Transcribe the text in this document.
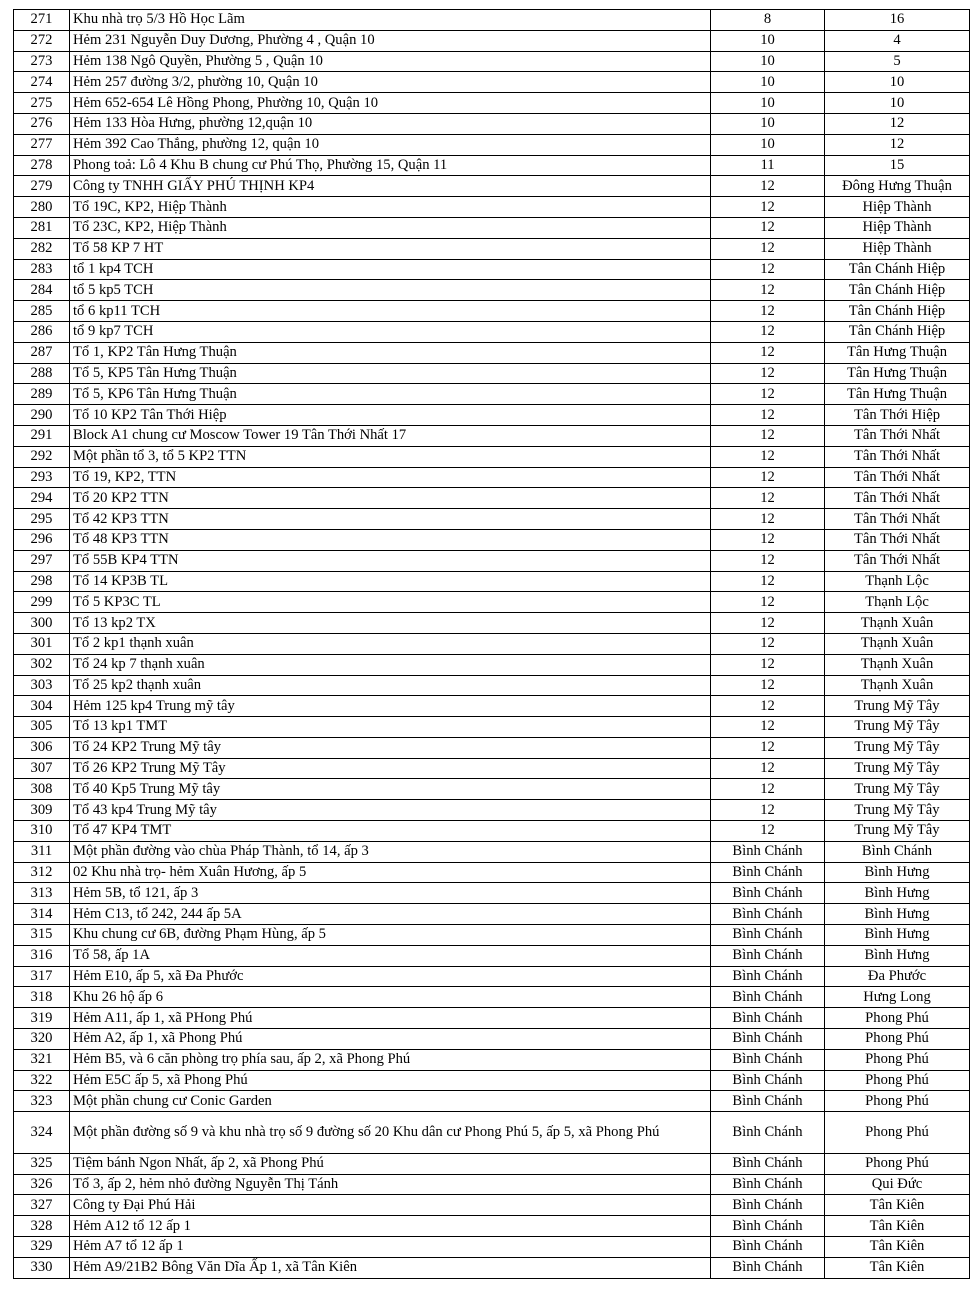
271	Khu nhà trọ 5/3 Hồ Học Lãm	8	16
272	Hẻm 231 Nguyễn Duy Dương, Phường 4 , Quận 10	10	4
273	Hẻm 138 Ngô Quyền, Phường 5 , Quận 10	10	5
274	Hẻm 257 đường 3/2, phường 10, Quận 10	10	10
275	Hẻm 652-654 Lê Hồng Phong, Phường 10, Quận 10	10	10
276	Hẻm 133 Hòa Hưng, phường 12,quận 10	10	12
277	Hẻm 392 Cao Thắng, phường 12, quận 10	10	12
278	Phong toả: Lô 4 Khu B chung cư Phú Thọ, Phường 15, Quận 11	11	15
279	Công ty TNHH GIẤY PHÚ THỊNH KP4	12	Đông Hưng Thuận
280	Tổ 19C, KP2, Hiệp Thành	12	Hiệp Thành
281	Tổ 23C, KP2, Hiệp Thành	12	Hiệp Thành
282	Tổ 58 KP 7 HT	12	Hiệp Thành
283	tổ 1 kp4 TCH	12	Tân Chánh Hiệp
284	tổ 5 kp5 TCH	12	Tân Chánh Hiệp
285	tổ 6 kp11 TCH	12	Tân Chánh Hiệp
286	tổ 9 kp7 TCH	12	Tân Chánh Hiệp
287	Tổ 1, KP2 Tân Hưng Thuận	12	Tân Hưng Thuận
288	Tổ 5, KP5 Tân Hưng Thuận	12	Tân Hưng Thuận
289	Tổ 5, KP6 Tân Hưng Thuận	12	Tân Hưng Thuận
290	Tổ 10 KP2 Tân Thới Hiệp	12	Tân Thới Hiệp
291	Block A1 chung cư Moscow Tower 19 Tân Thới Nhất 17	12	Tân Thới Nhất
292	Một phần tổ 3, tổ 5 KP2 TTN	12	Tân Thới Nhất
293	Tổ 19, KP2, TTN	12	Tân Thới Nhất
294	Tổ 20 KP2 TTN	12	Tân Thới Nhất
295	Tổ 42 KP3 TTN	12	Tân Thới Nhất
296	Tổ 48 KP3 TTN	12	Tân Thới Nhất
297	Tổ 55B KP4 TTN	12	Tân Thới Nhất
298	Tổ 14 KP3B TL	12	Thạnh Lộc
299	Tổ 5 KP3C TL	12	Thạnh Lộc
300	Tổ 13 kp2 TX	12	Thạnh Xuân
301	Tổ 2 kp1 thạnh xuân	12	Thạnh Xuân
302	Tổ 24 kp 7 thạnh xuân	12	Thạnh Xuân
303	Tổ 25 kp2 thạnh xuân	12	Thạnh Xuân
304	Hẻm 125 kp4 Trung mỹ tây	12	Trung Mỹ Tây
305	Tổ 13 kp1 TMT	12	Trung Mỹ Tây
306	Tổ 24 KP2 Trung Mỹ tây	12	Trung Mỹ Tây
307	Tổ 26 KP2 Trung Mỹ Tây	12	Trung Mỹ Tây
308	Tổ 40 Kp5 Trung Mỹ tây	12	Trung Mỹ Tây
309	Tổ 43 kp4 Trung Mỹ tây	12	Trung Mỹ Tây
310	Tổ 47 KP4 TMT	12	Trung Mỹ Tây
311	Một phần đường vào chùa Pháp Thành, tổ 14, ấp 3	Bình Chánh	Bình Chánh
312	02 Khu nhà trọ- hẻm Xuân Hương, ấp 5	Bình Chánh	Bình Hưng
313	Hẻm 5B, tổ 121, ấp 3	Bình Chánh	Bình Hưng
314	Hẻm C13, tổ 242, 244 ấp 5A	Bình Chánh	Bình Hưng
315	Khu chung cư 6B, đường Phạm Hùng, ấp 5	Bình Chánh	Bình Hưng
316	Tổ 58, ấp 1A	Bình Chánh	Bình Hưng
317	Hẻm E10, ấp 5, xã Đa Phước	Bình Chánh	Đa Phước
318	Khu 26 hộ ấp 6	Bình Chánh	Hưng Long
319	Hẻm A11, ấp 1, xã PHong Phú	Bình Chánh	Phong Phú
320	Hẻm A2, ấp 1, xã Phong Phú	Bình Chánh	Phong Phú
321	Hẻm B5, và 6 căn phòng trọ phía sau, ấp 2, xã Phong Phú	Bình Chánh	Phong Phú
322	Hẻm E5C ấp 5, xã Phong Phú	Bình Chánh	Phong Phú
323	Một phần chung cư Conic Garden	Bình Chánh	Phong Phú
324	Một phần đường số 9 và khu nhà trọ số 9 đường số 20 Khu dân cư Phong Phú 5, ấp 5, xã Phong Phú	Bình Chánh	Phong Phú
325	Tiệm bánh Ngon Nhất, ấp 2, xã Phong Phú	Bình Chánh	Phong Phú
326	Tổ 3, ấp 2, hẻm nhỏ đường Nguyễn Thị Tánh	Bình Chánh	Qui Đức
327	Công ty Đại Phú Hải	Bình Chánh	Tân Kiên
328	Hẻm A12 tổ 12 ấp 1	Bình Chánh	Tân Kiên
329	Hẻm A7 tổ 12 ấp 1	Bình Chánh	Tân Kiên
330	Hẻm A9/21B2 Bông Văn Dĩa Ấp 1, xã Tân Kiên	Bình Chánh	Tân Kiên
